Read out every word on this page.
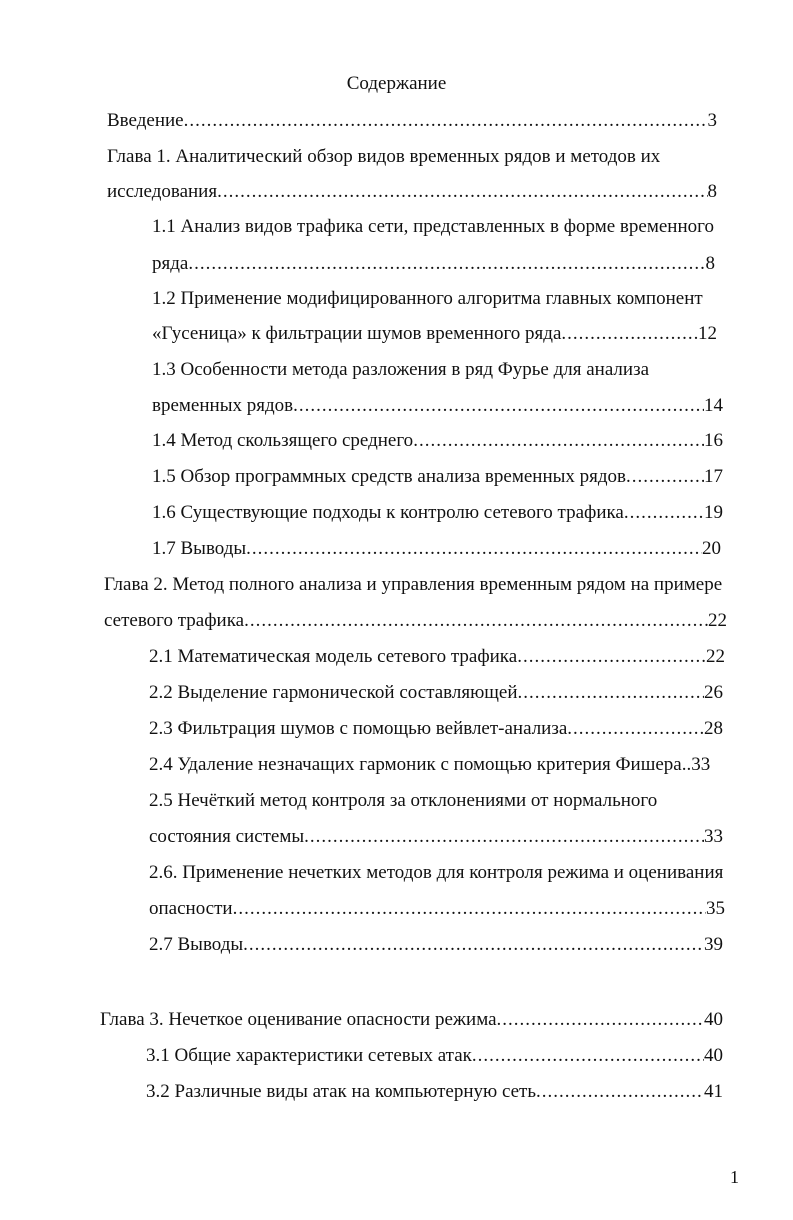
Содержание
Введение .....	3
Глава 1. Аналитический обзор видов временных рядов и методов их
исследования .....	8
1.1 Анализ видов трафика сети, представленных в форме временного
ряда .....	8
1.2 Применение модифицированного алгоритма главных компонент
«Гусеница» к фильтрации шумов временного ряда .....	12
1.3 Особенности метода разложения в ряд Фурье для анализа
временных рядов .....	14
1.4 Метод скользящего среднего .....	16
1.5 Обзор программных средств анализа временных рядов .....	17
1.6 Существующие подходы к контролю сетевого трафика .....	19
1.7 Выводы .....	20
Глава 2. Метод полного анализа и управления временным рядом на примере
сетевого трафика .....	22
2.1 Математическая модель сетевого трафика .....	22
2.2 Выделение гармонической составляющей .....	26
2.3 Фильтрация шумов с помощью вейвлет-анализа .....	28
2.4 Удаление незначащих гармоник с помощью критерия Фишера..33
2.5 Нечёткий метод контроля за отклонениями от нормального
состояния системы .....	33
2.6. Применение нечетких методов для контроля режима и оценивания
опасности .....	35
2.7 Выводы .....	39
Глава 3. Нечеткое оценивание опасности режима .....	40
3.1 Общие характеристики сетевых атак .....	40
3.2 Различные виды атак на компьютерную сеть .....	41
1
